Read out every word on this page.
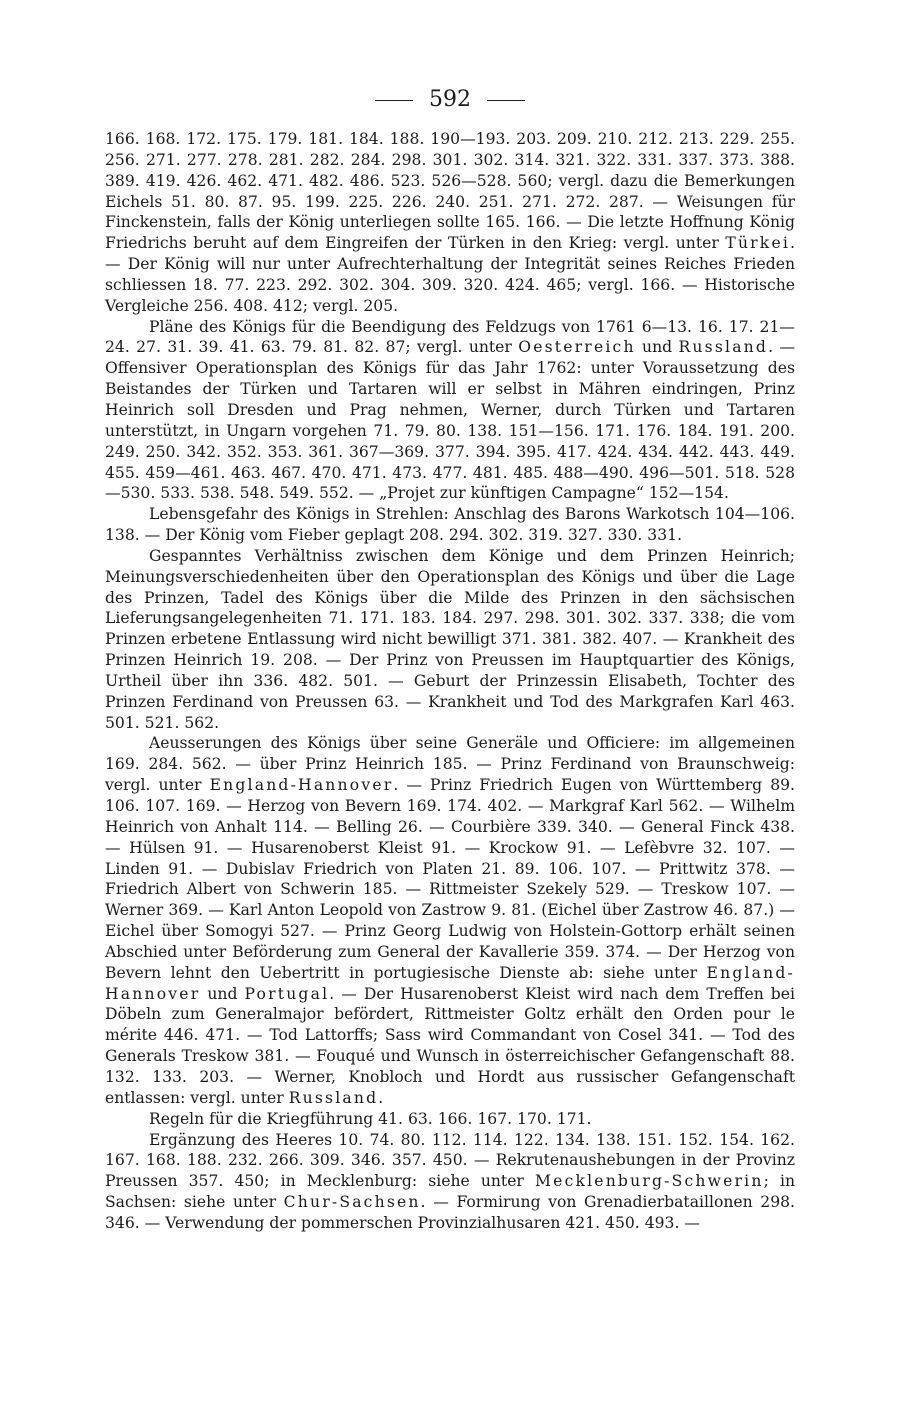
592

166. 168. 172. 175. 179. 181. 184. 188. 190—193. 203. 209. 210. 212. 213. 229. 255. 256. 271. 277. 278. 281. 282. 284. 298. 301. 302. 314. 321. 322. 331. 337. 373. 388. 389. 419. 426. 462. 471. 482. 486. 523. 526—528. 560; vergl. dazu die Bemerkungen Eichels 51. 80. 87. 95. 199. 225. 226. 240. 251. 271. 272. 287. — Weisungen für Finckenstein, falls der König unterliegen sollte 165. 166. — Die letzte Hoffnung König Friedrichs beruht auf dem Eingreifen der Türken in den Krieg: vergl. unter Türkei. — Der König will nur unter Aufrechterhaltung der Integrität seines Reiches Frieden schliessen 18. 77. 223. 292. 302. 304. 309. 320. 424. 465; vergl. 166. — Historische Vergleiche 256. 408. 412; vergl. 205.

Pläne des Königs für die Beendigung des Feldzugs von 1761 6—13. 16. 17. 21—24. 27. 31. 39. 41. 63. 79. 81. 82. 87; vergl. unter Oesterreich und Russland. — Offensiver Operationsplan des Königs für das Jahr 1762: unter Voraussetzung des Beistandes der Türken und Tartaren will er selbst in Mähren eindringen, Prinz Heinrich soll Dresden und Prag nehmen, Werner, durch Türken und Tartaren unterstützt, in Ungarn vorgehen 71. 79. 80. 138. 151—156. 171. 176. 184. 191. 200. 249. 250. 342. 352. 353. 361. 367—369. 377. 394. 395. 417. 424. 434. 442. 443. 449. 455. 459—461. 463. 467. 470. 471. 473. 477. 481. 485. 488—490. 496—501. 518. 528—530. 533. 538. 548. 549. 552. — „Projet zur künftigen Campagne“ 152—154.

Lebensgefahr des Königs in Strehlen: Anschlag des Barons Warkotsch 104—106. 138. — Der König vom Fieber geplagt 208. 294. 302. 319. 327. 330. 331.

Gespanntes Verhältniss zwischen dem Könige und dem Prinzen Heinrich; Meinungsverschiedenheiten über den Operationsplan des Königs und über die Lage des Prinzen, Tadel des Königs über die Milde des Prinzen in den sächsischen Lieferungsangelegenheiten 71. 171. 183. 184. 297. 298. 301. 302. 337. 338; die vom Prinzen erbetene Entlassung wird nicht bewilligt 371. 381. 382. 407. — Krankheit des Prinzen Heinrich 19. 208. — Der Prinz von Preussen im Hauptquartier des Königs, Urtheil über ihn 336. 482. 501. — Geburt der Prinzessin Elisabeth, Tochter des Prinzen Ferdinand von Preussen 63. — Krankheit und Tod des Markgrafen Karl 463. 501. 521. 562.

Aeusserungen des Königs über seine Generäle und Officiere: im allgemeinen 169. 284. 562. — über Prinz Heinrich 185. — Prinz Ferdinand von Braunschweig: vergl. unter England-Hannover. — Prinz Friedrich Eugen von Württemberg 89. 106. 107. 169. — Herzog von Bevern 169. 174. 402. — Markgraf Karl 562. — Wilhelm Heinrich von Anhalt 114. — Belling 26. — Courbière 339. 340. — General Finck 438. — Hülsen 91. — Husarenoberst Kleist 91. — Krockow 91. — Lefèbvre 32. 107. — Linden 91. — Dubislav Friedrich von Platen 21. 89. 106. 107. — Prittwitz 378. — Friedrich Albert von Schwerin 185. — Rittmeister Szekely 529. — Treskow 107. — Werner 369. — Karl Anton Leopold von Zastrow 9. 81. (Eichel über Zastrow 46. 87.) — Eichel über Somogyi 527. — Prinz Georg Ludwig von Holstein-Gottorp erhält seinen Abschied unter Beförderung zum General der Kavallerie 359. 374. — Der Herzog von Bevern lehnt den Uebertritt in portugiesische Dienste ab: siehe unter England-Hannover und Portugal. — Der Husarenoberst Kleist wird nach dem Treffen bei Döbeln zum Generalmajor befördert, Rittmeister Goltz erhält den Orden pour le mérite 446. 471. — Tod Lattorffs; Sass wird Commandant von Cosel 341. — Tod des Generals Treskow 381. — Fouqué und Wunsch in österreichischer Gefangenschaft 88. 132. 133. 203. — Werner, Knobloch und Hordt aus russischer Gefangenschaft entlassen: vergl. unter Russland.

Regeln für die Kriegführung 41. 63. 166. 167. 170. 171.

Ergänzung des Heeres 10. 74. 80. 112. 114. 122. 134. 138. 151. 152. 154. 162. 167. 168. 188. 232. 266. 309. 346. 357. 450. — Rekrutenaushebungen in der Provinz Preussen 357. 450; in Mecklenburg: siehe unter Mecklenburg-Schwerin; in Sachsen: siehe unter Chur-Sachsen. — Formirung von Grenadierbataillonen 298. 346. — Verwendung der pommerschen Provinzialhusaren 421. 450. 493. —
